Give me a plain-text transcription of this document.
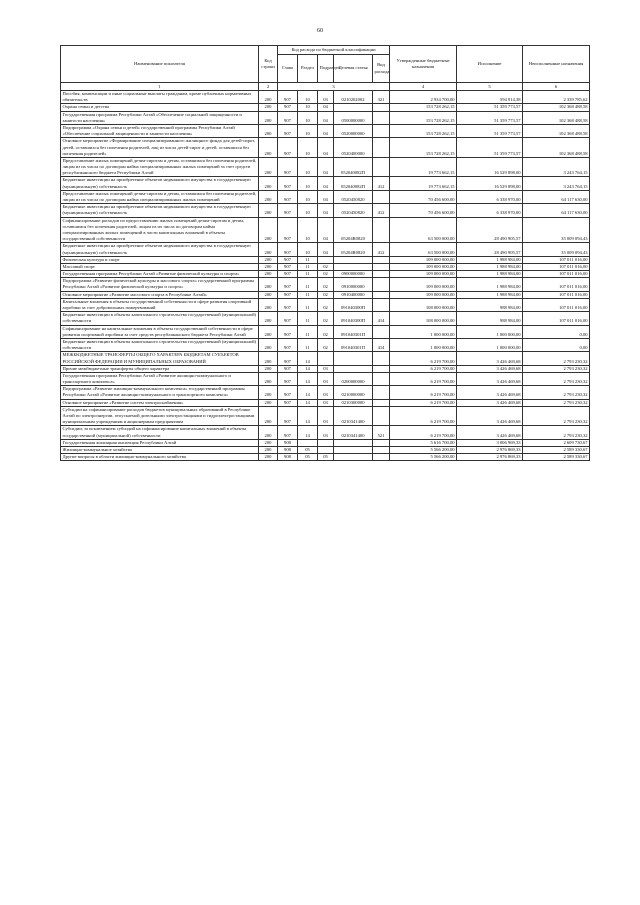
60
Наименование показателя	Код строки	Код расхода по бюджетной классификации					Утвержденные бюджетные назначения	Исполнение	Неисполненные назначения
		Глава	Раздел	Подраздел	Целевая статья	Вид расхода			
1	2	3					4	5	6
Пособия, компенсации и иные социальные выплаты гражданам, кроме публичных нормативных обязательств	200	907	10	03	0210202002	321	2 934 700,00	594 914,38	2 339 785,62
Охрана семьи и детства	200	907	10	04			153 728 262,15	51 359 773,57	102 368 488,58
Государственная программа Республики Алтай «Обеспечение социальной защищенности и занятости населения»	200	907	10	04	0500000000		153 728 262,15	51 359 773,57	102 368 488,58
Подпрограмма «Охрана семьи и детей» государственной программы Республики Алтай «Обеспечение социальной защищенности и занятости населения»	200	907	10	04	0520000000		153 728 262,15	51 359 773,57	102 368 488,58
Основное мероприятие «Формирование специализированного жилищного фонда для детей-сирот, детей, оставшихся без попечения родителей, лиц из числа детей-сирот и детей, оставшихся без попечения родителей»	200	907	10	04	0520400000		153 728 262,15	51 359 773,57	102 368 488,58
Предоставление жилых помещений детям-сиротам и детям, оставшимся без попечения родителей, лицам из их числа по договорам найма специализированных жилых помещений за счет средств республиканского бюджета Республики Алтай	200	907	10	04	052040082П		19 773 662,15	16 529 898,00	3 243 764,15
Бюджетные инвестиции на приобретение объектов недвижимого имущества в государственную (муниципальную) собственность	200	907	10	04	052040082П	412	19 773 662,15	16 529 898,00	3 243 764,15
Предоставление жилых помещений детям-сиротам и детям, оставшимся без попечения родителей, лицам из их числа по договорам найма специализированных жилых помещений	200	907	10	04	0520450820		70 456 600,00	6 338 970,00	64 117 630,00
Бюджетные инвестиции на приобретение объектов недвижимого имущества в государственную (муниципальную) собственность	200	907	10	04	0520450820	412	70 456 600,00	6 338 970,00	64 117 630,00
Софинансирование расходов по предоставлению жилых помещений детям-сиротам и детям, оставшимся без попечения родителей, лицам из их числа по договорам найма специализированных жилых помещений в части капитальных вложений в объекты государственной собственности	200	907	10	04	05204R0820		63 500 000,00	28 490 905,57	35 009 094,43
Бюджетные инвестиции на приобретение объектов недвижимого имущества в государственную (муниципальную) собственность	200	907	10	04	05204R0820	412	63 500 000,00	28 490 905,57	35 009 094,43
Физическая культура и спорт	200	907	11				109 000 000,00	1 988 984,00	107 011 016,00
Массовый спорт	200	907	11	02			109 000 000,00	1 988 984,00	107 011 016,00
Государственная программа Республики Алтай «Развитие физической культуры и спорта»	200	907	11	02	0900000000		109 000 000,00	1 988 984,00	107 011 016,00
Подпрограмма «Развитие физической культуры и массового спорта» государственной программы Республики Алтай «Развитие физической культуры и спорта»	200	907	11	02	0910000000		109 000 000,00	1 988 984,00	107 011 016,00
Основное мероприятие «Развитие массового спорта в Республике Алтай»	200	907	11	02	0910400000		109 000 000,00	1 988 984,00	107 011 016,00
Капитальные вложения в объекты государственной собственности в сфере развития спортивной аэробики за счет добровольных пожертвований	200	907	11	02	091040300П		108 000 000,00	988 984,00	107 011 016,00
Бюджетные инвестиции в объекты капитального строительства государственной (муниципальной) собственности	200	907	11	02	091040300П	414	108 000 000,00	988 984,00	107 011 016,00
Софинансирование на капитальные вложения в объекты государственной собственности в сфере развития спортивной аэробики за счет средств республиканского бюджета Республики Алтай	200	907	11	02	091040301П		1 000 000,00	1 000 000,00	0,00
Бюджетные инвестиции в объекты капитального строительства государственной (муниципальной) собственности	200	907	11	02	091040301П	414	1 000 000,00	1 000 000,00	0,00
МЕЖБЮДЖЕТНЫЕ ТРАНСФЕРТЫ ОБЩЕГО ХАРАКТЕРА БЮДЖЕТАМ СУБЪЕКТОВ РОССИЙСКОЙ ФЕДЕРАЦИИ И МУНИЦИПАЛЬНЫХ ОБРАЗОВАНИЙ	200	907	14				6 219 700,00	3 426 469,68	2 793 230,32
Прочие межбюджетные трансферты общего характера	200	907	14	03			6 219 700,00	3 426 469,68	2 793 230,32
Государственная программа Республики Алтай «Развитие жилищно-коммунального и транспортного комплекса»	200	907	14	03	0200000000		6 219 700,00	3 426 469,68	2 793 230,32
Подпрограмма «Развитие жилищно-коммунального комплекса» государственной программы Республики Алтай «Развитие жилищно-коммунального и транспортного комплекса»	200	907	14	03	0210000000		6 219 700,00	3 426 469,68	2 793 230,32
Основное мероприятие «Развитие систем электроснабжения»	200	907	14	03	0210300000		6 219 700,00	3 426 469,68	2 793 230,32
Субсидии на софинансирование расходов бюджетов муниципальных образований в Республике Алтай по электроэнергии, отпускаемой дизельными электростанциями и гидроэлектростанциями муниципальным учреждениям и акционерным предприятиям	200	907	14	03	0210341400		6 219 700,00	3 426 469,68	2 793 230,32
Субсидии, за исключением субсидий на софинансирование капитальных вложений в объекты государственной (муниципальной) собственности	200	907	14	03	0210341400	521	6 219 700,00	3 426 469,68	2 793 230,32
Государственная жилищная инспекция Республики Алтай	200	908					5 616 700,00	3 006 969,33	2 609 730,67
Жилищно-коммунальное хозяйство	200	908	05				5 566 200,00	2 976 869,33	2 589 330,67
Другие вопросы в области жилищно-коммунального хозяйства	200	908	05	05			5 566 200,00	2 976 869,33	2 589 330,67
